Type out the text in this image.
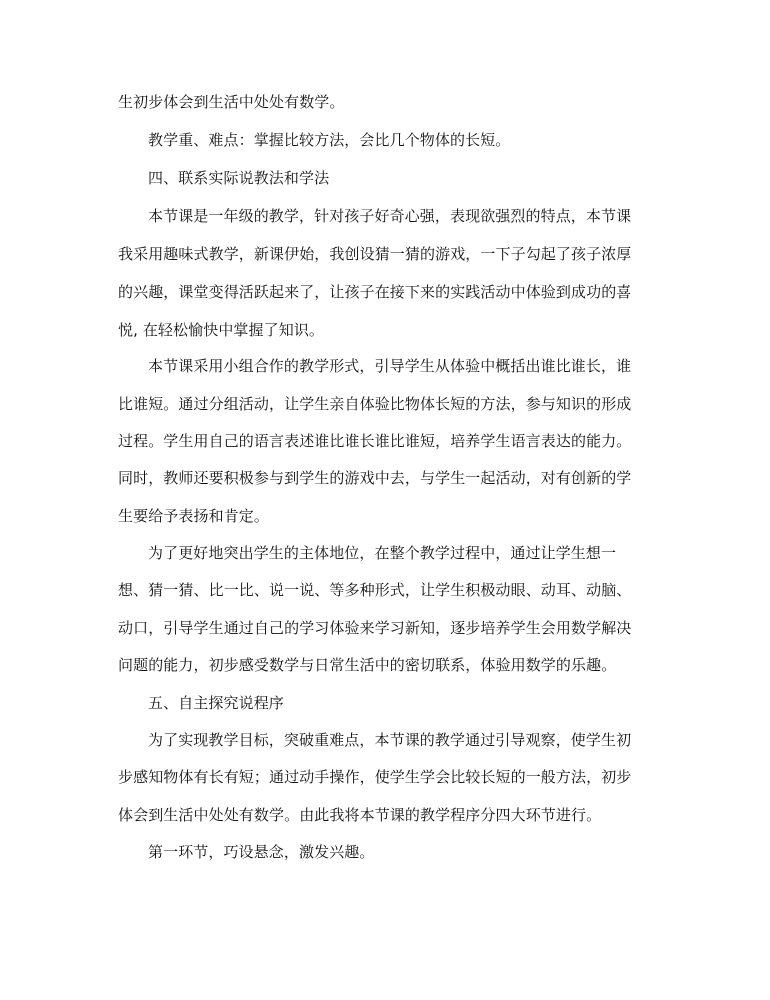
生初步体会到生活中处处有数学。
教学重、难点：掌握比较方法，会比几个物体的长短。
四、联系实际说教法和学法
本节课是一年级的教学，针对孩子好奇心强，表现欲强烈的特点，本节课
我采用趣味式教学，新课伊始，我创设猜一猜的游戏，一下子勾起了孩子浓厚
的兴趣，课堂变得活跃起来了，让孩子在接下来的实践活动中体验到成功的喜
悦, 在轻松愉快中掌握了知识。
本节课采用小组合作的教学形式，引导学生从体验中概括出谁比谁长，谁
比谁短。通过分组活动，让学生亲自体验比物体长短的方法，参与知识的形成
过程。学生用自己的语言表述谁比谁长谁比谁短，培养学生语言表达的能力。
同时，教师还要积极参与到学生的游戏中去，与学生一起活动，对有创新的学
生要给予表扬和肯定。
为了更好地突出学生的主体地位，在整个教学过程中，通过让学生想一
想、猜一猜、比一比、说一说、等多种形式，让学生积极动眼、动耳、动脑、
动口，引导学生通过自己的学习体验来学习新知，逐步培养学生会用数学解决
问题的能力，初步感受数学与日常生活中的密切联系，体验用数学的乐趣。
五、自主探究说程序
为了实现教学目标，突破重难点，本节课的教学通过引导观察，使学生初
步感知物体有长有短；通过动手操作，使学生学会比较长短的一般方法，初步
体会到生活中处处有数学。由此我将本节课的教学程序分四大环节进行。
第一环节，巧设悬念，激发兴趣。
